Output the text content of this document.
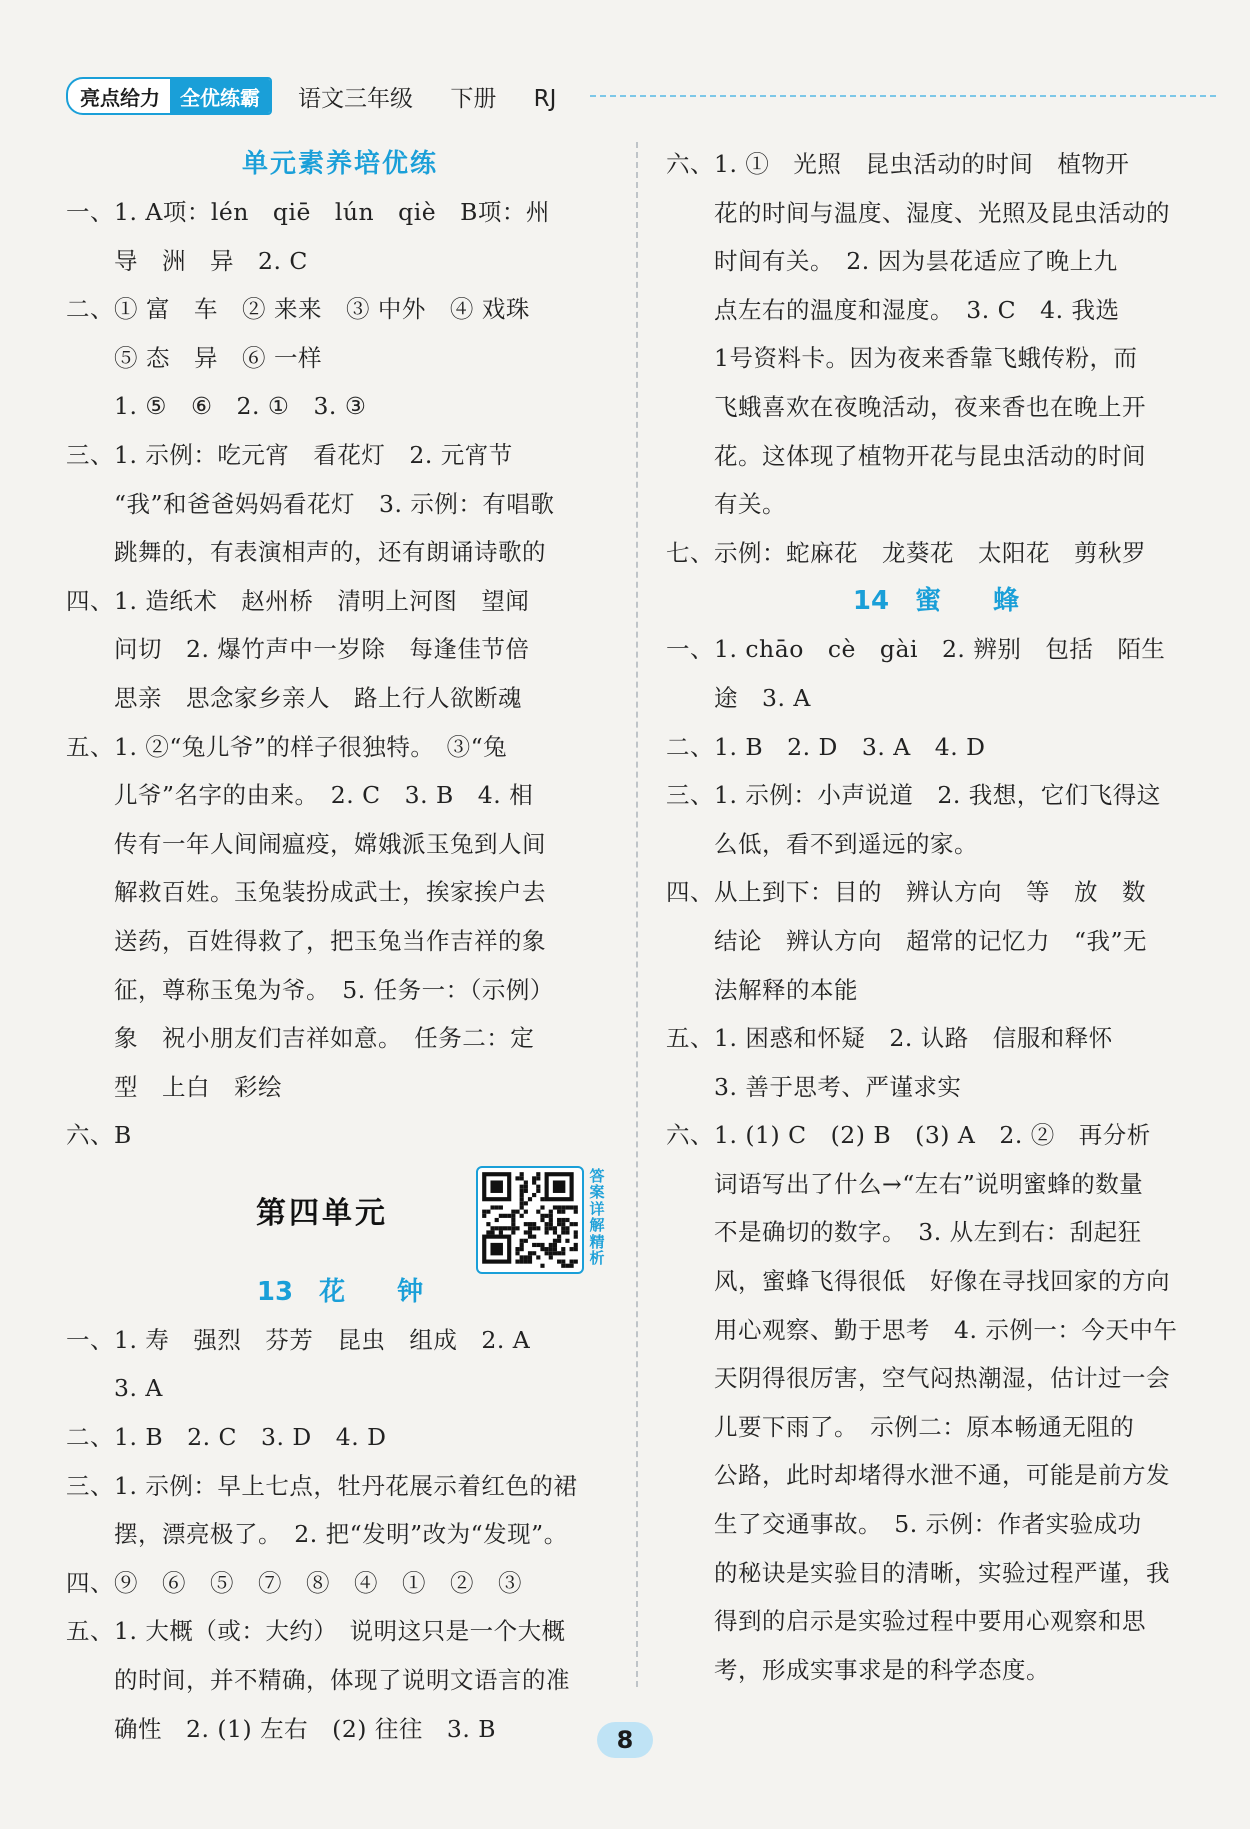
亮点给力	全优练霸	语文三年级 下册 RJ
单元素养培优练
一、1. A项：lén　qiē　lún　qiè　B项：州
导　洲　异　2. C
二、① 富　车　② 来来　③ 中外　④ 戏珠
⑤ 态　异　⑥ 一样
1. ⑤　⑥　2. ①　3. ③
三、1. 示例：吃元宵　看花灯　2. 元宵节
“我”和爸爸妈妈看花灯　3. 示例：有唱歌
跳舞的，有表演相声的，还有朗诵诗歌的
四、1. 造纸术　赵州桥　清明上河图　望闻
问切　2. 爆竹声中一岁除　每逢佳节倍
思亲　思念家乡亲人　路上行人欲断魂
五、1. ②“兔儿爷”的样子很独特。　③“兔
儿爷”名字的由来。　2. C　3. B　4. 相
传有一年人间闹瘟疫，嫦娥派玉兔到人间
解救百姓。玉兔装扮成武士，挨家挨户去
送药，百姓得救了，把玉兔当作吉祥的象
征，尊称玉兔为爷。　5. 任务一：（示例）
象　祝小朋友们吉祥如意。　任务二：定
型　上白　彩绘
六、B
第四单元
答
案
详
解
精
析
13　花　　钟
一、1. 寿　强烈　芬芳　昆虫　组成　2. A
3. A
二、1. B　2. C　3. D　4. D
三、1. 示例：早上七点，牡丹花展示着红色的裙
摆，漂亮极了。　2. 把“发明”改为“发现”。
四、⑨　⑥　⑤　⑦　⑧　④　①　②　③
五、1. 大概（或：大约）　说明这只是一个大概
的时间，并不精确，体现了说明文语言的准
确性　2. (1) 左右　(2) 往往　3. B
六、1. ①　光照　昆虫活动的时间　植物开
花的时间与温度、湿度、光照及昆虫活动的
时间有关。　2. 因为昙花适应了晚上九
点左右的温度和湿度。　3. C　4. 我选
1号资料卡。因为夜来香靠飞蛾传粉，而
飞蛾喜欢在夜晚活动，夜来香也在晚上开
花。这体现了植物开花与昆虫活动的时间
有关。
七、示例：蛇麻花　龙葵花　太阳花　剪秋罗
14　蜜　　蜂
一、1. chāo　cè　gài　2. 辨别　包括　陌生
途　3. A
二、1. B　2. D　3. A　4. D
三、1. 示例：小声说道　2. 我想，它们飞得这
么低，看不到遥远的家。
四、从上到下：目的　辨认方向　等　放　数
结论　辨认方向　超常的记忆力　“我”无
法解释的本能
五、1. 困惑和怀疑　2. 认路　信服和释怀
3. 善于思考、严谨求实
六、1. (1) C　(2) B　(3) A　2. ②　再分析
词语写出了什么→“左右”说明蜜蜂的数量
不是确切的数字。　3. 从左到右：刮起狂
风，蜜蜂飞得很低　好像在寻找回家的方向
用心观察、勤于思考　4. 示例一：今天中午
天阴得很厉害，空气闷热潮湿，估计过一会
儿要下雨了。　示例二：原本畅通无阻的
公路，此时却堵得水泄不通，可能是前方发
生了交通事故。　5. 示例：作者实验成功
的秘诀是实验目的清晰，实验过程严谨，我
得到的启示是实验过程中要用心观察和思
考，形成实事求是的科学态度。
8
